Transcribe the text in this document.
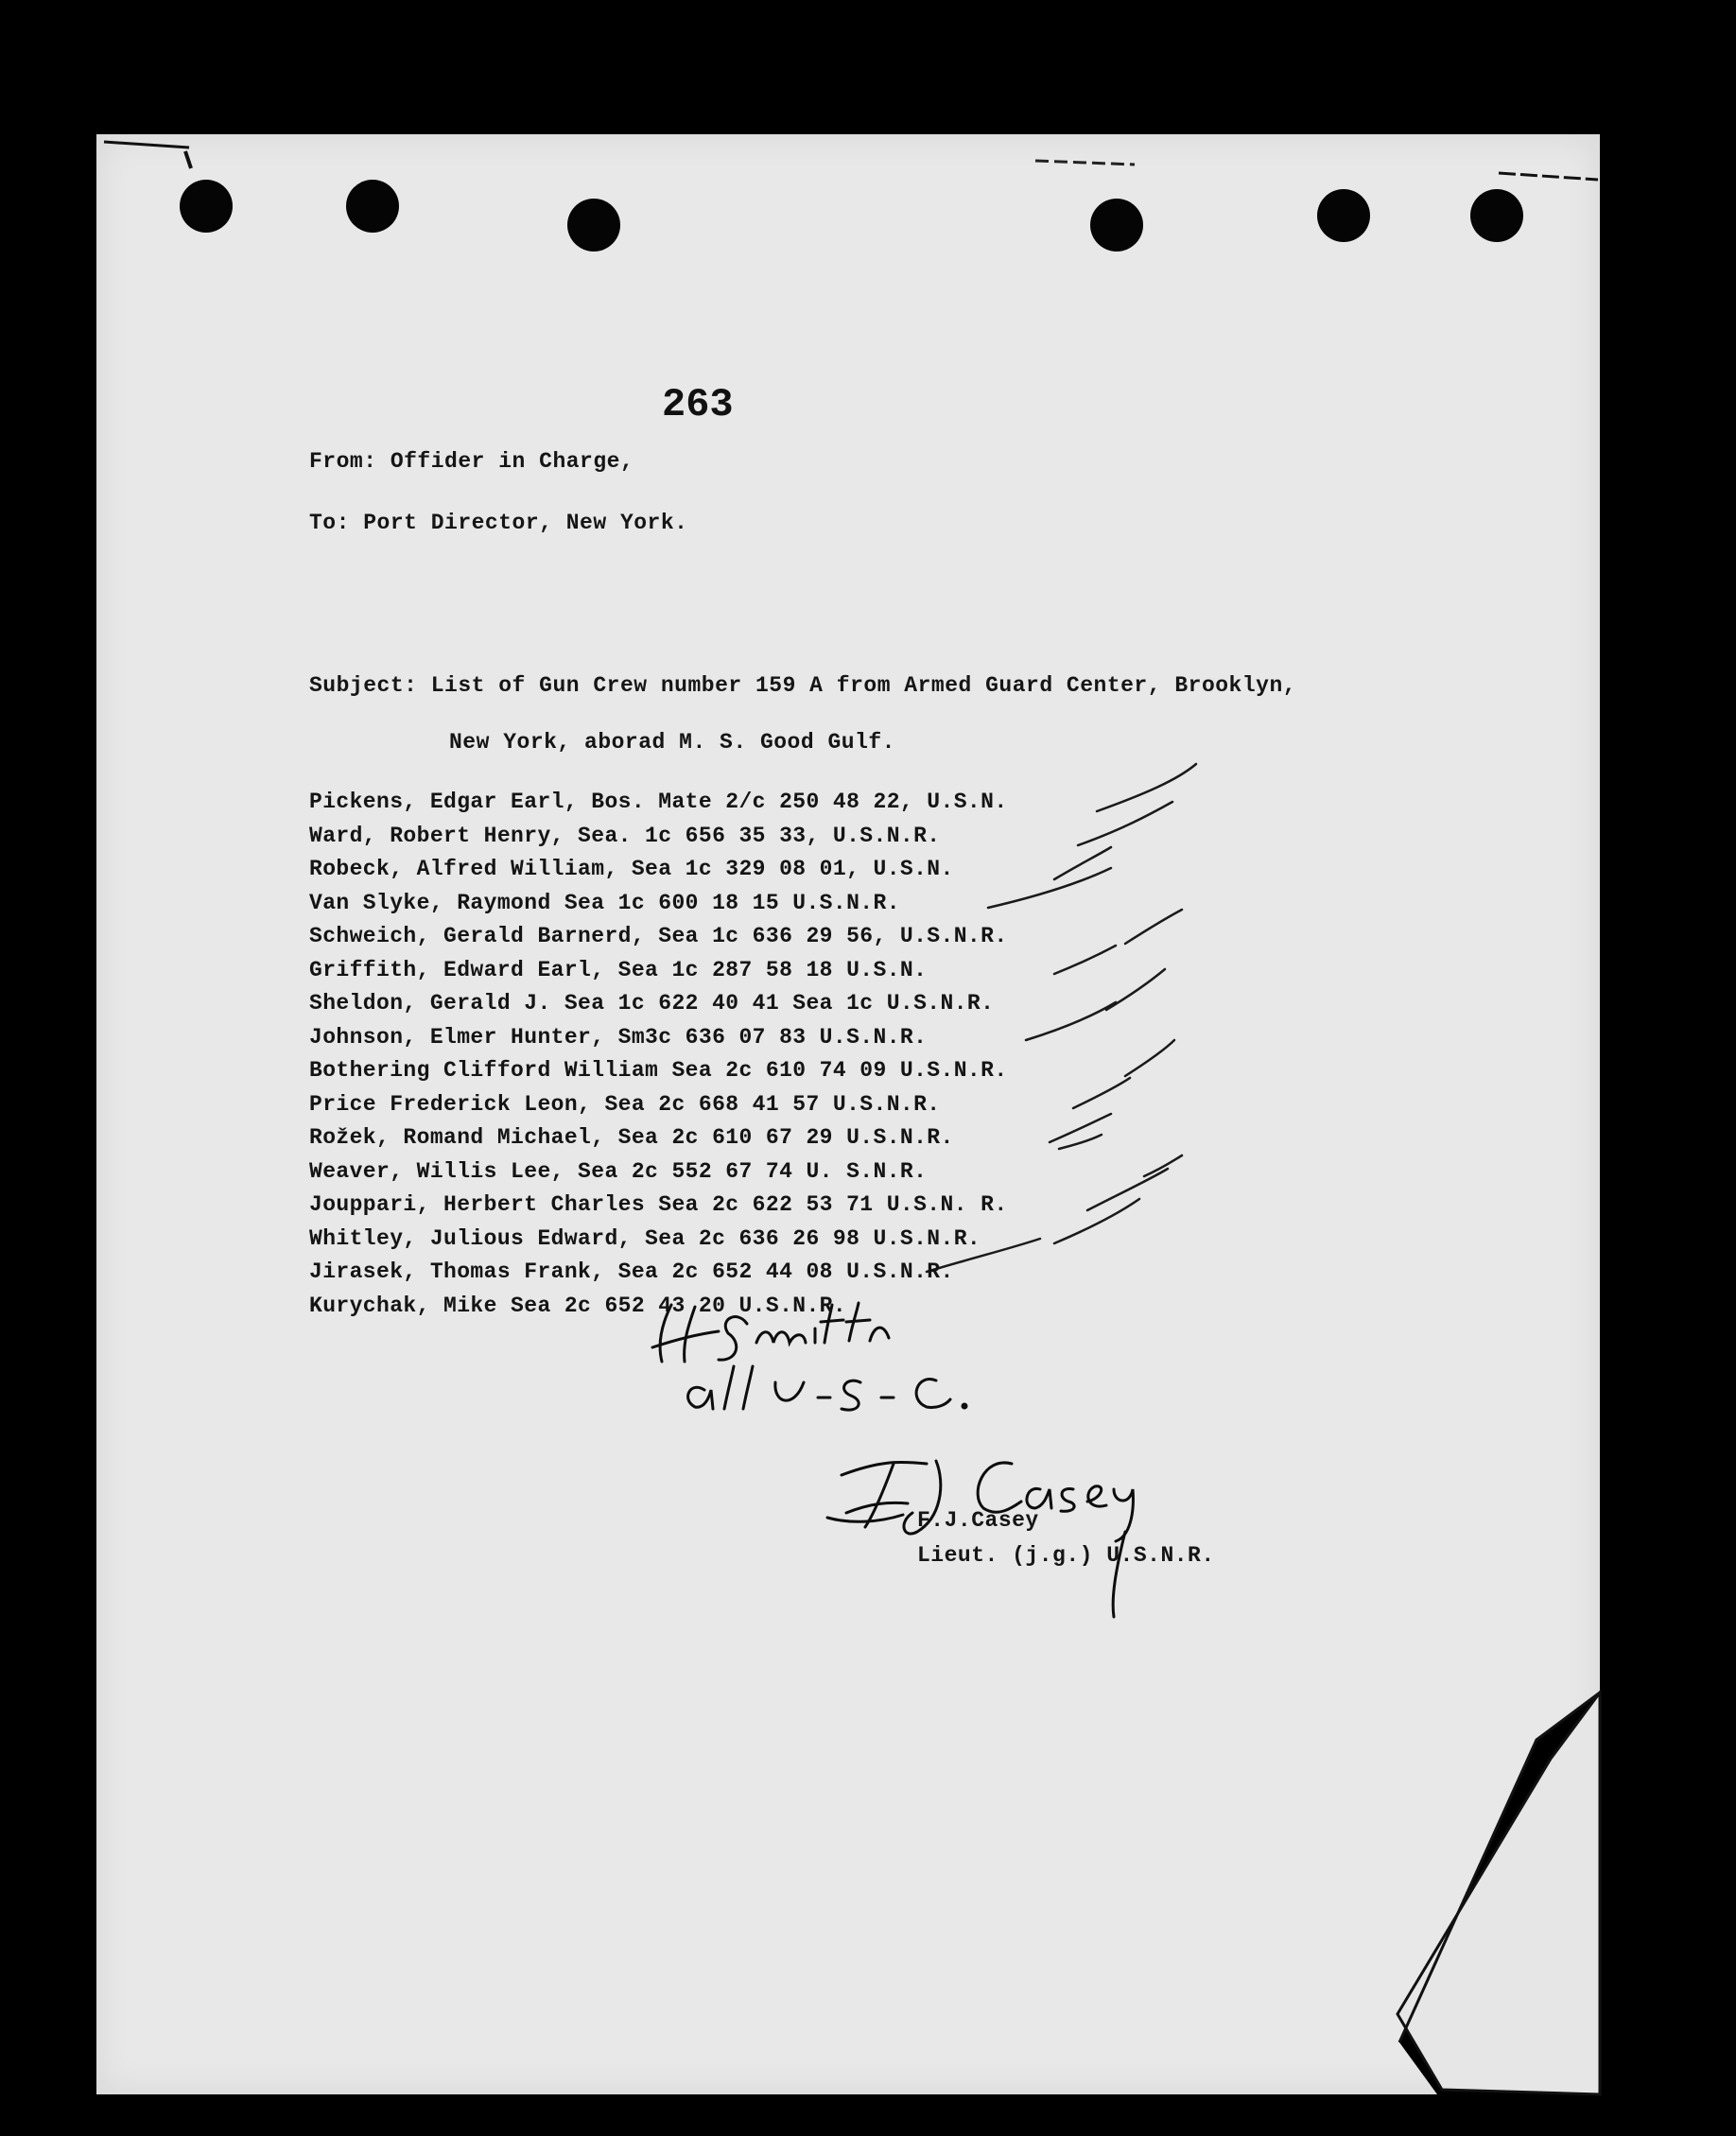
263
From: Offider in Charge,
To: Port Director, New York.
Subject: List of Gun Crew number 159 A from Armed Guard Center, Brooklyn,
New York, aborad M. S. Good Gulf.
Pickens, Edgar Earl, Bos. Mate 2/c 250 48 22, U.S.N.
Ward, Robert Henry, Sea. 1c 656 35 33, U.S.N.R.
Robeck, Alfred William, Sea 1c 329 08 01, U.S.N.
Van Slyke, Raymond Sea 1c 600 18 15 U.S.N.R.
Schweich, Gerald Barnerd, Sea 1c 636 29 56, U.S.N.R.
Griffith, Edward Earl, Sea 1c 287 58 18 U.S.N.
Sheldon, Gerald J. Sea 1c 622 40 41 Sea 1c U.S.N.R.
Johnson, Elmer Hunter, Sm3c 636 07 83 U.S.N.R.
Bothering Clifford William Sea 2c 610 74 09 U.S.N.R.
Price Frederick Leon, Sea 2c 668 41 57 U.S.N.R.
Rožek, Romand Michael, Sea 2c 610 67 29 U.S.N.R.
Weaver, Willis Lee, Sea 2c 552 67 74 U. S.N.R.
Jouppari, Herbert Charles Sea 2c 622 53 71 U.S.N. R.
Whitley, Julious Edward, Sea 2c 636 26 98 U.S.N.R.
Jirasek, Thomas Frank, Sea 2c 652 44 08 U.S.N.R.
Kurychak, Mike Sea 2c 652 43 20 U.S.N.R.
F.J.Casey
Lieut. (j.g.) U.S.N.R.
